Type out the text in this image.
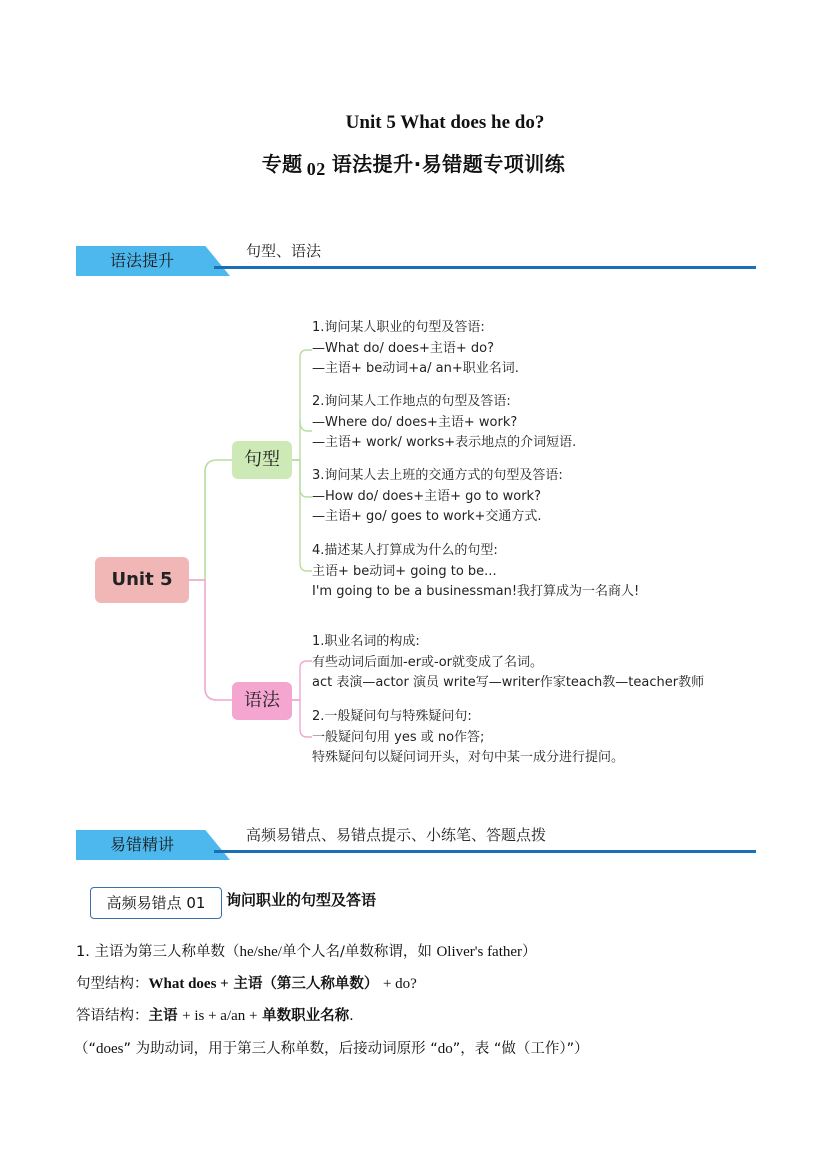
Unit 5 What does he do?
专题 02 语法提升·易错题专项训练
语法提升	句型、语法
Unit 5
句型
语法
1.询问某人职业的句型及答语:
—What do/ does+主语+ do?
—主语+ be动词+a/ an+职业名词.
2.询问某人工作地点的句型及答语:
—Where do/ does+主语+ work?
—主语+ work/ works+表示地点的介词短语.
3.询问某人去上班的交通方式的句型及答语:
—How do/ does+主语+ go to work?
—主语+ go/ goes to work+交通方式.
4.描述某人打算成为什么的句型:
主语+ be动词+ going to be...
I'm going to be a businessman!我打算成为一名商人!
1.职业名词的构成:
有些动词后面加-er或-or就变成了名词。
act 表演—actor 演员 write写—writer作家teach教—teacher教师
2.一般疑问句与特殊疑问句:
一般疑问句用 yes 或 no作答;
特殊疑问句以疑问词开头，对句中某一成分进行提问。
易错精讲	高频易错点、易错点提示、小练笔、答题点拨
高频易错点 01	询问职业的句型及答语
1. 主语为第三人称单数（he/she/单个人名/单数称谓，如 Oliver's father）
句型结构：What does + 主语（第三人称单数） + do?
答语结构：主语 + is + a/an + 单数职业名称.
（“does” 为助动词，用于第三人称单数，后接动词原形 “do”，表 “做（工作）”）
